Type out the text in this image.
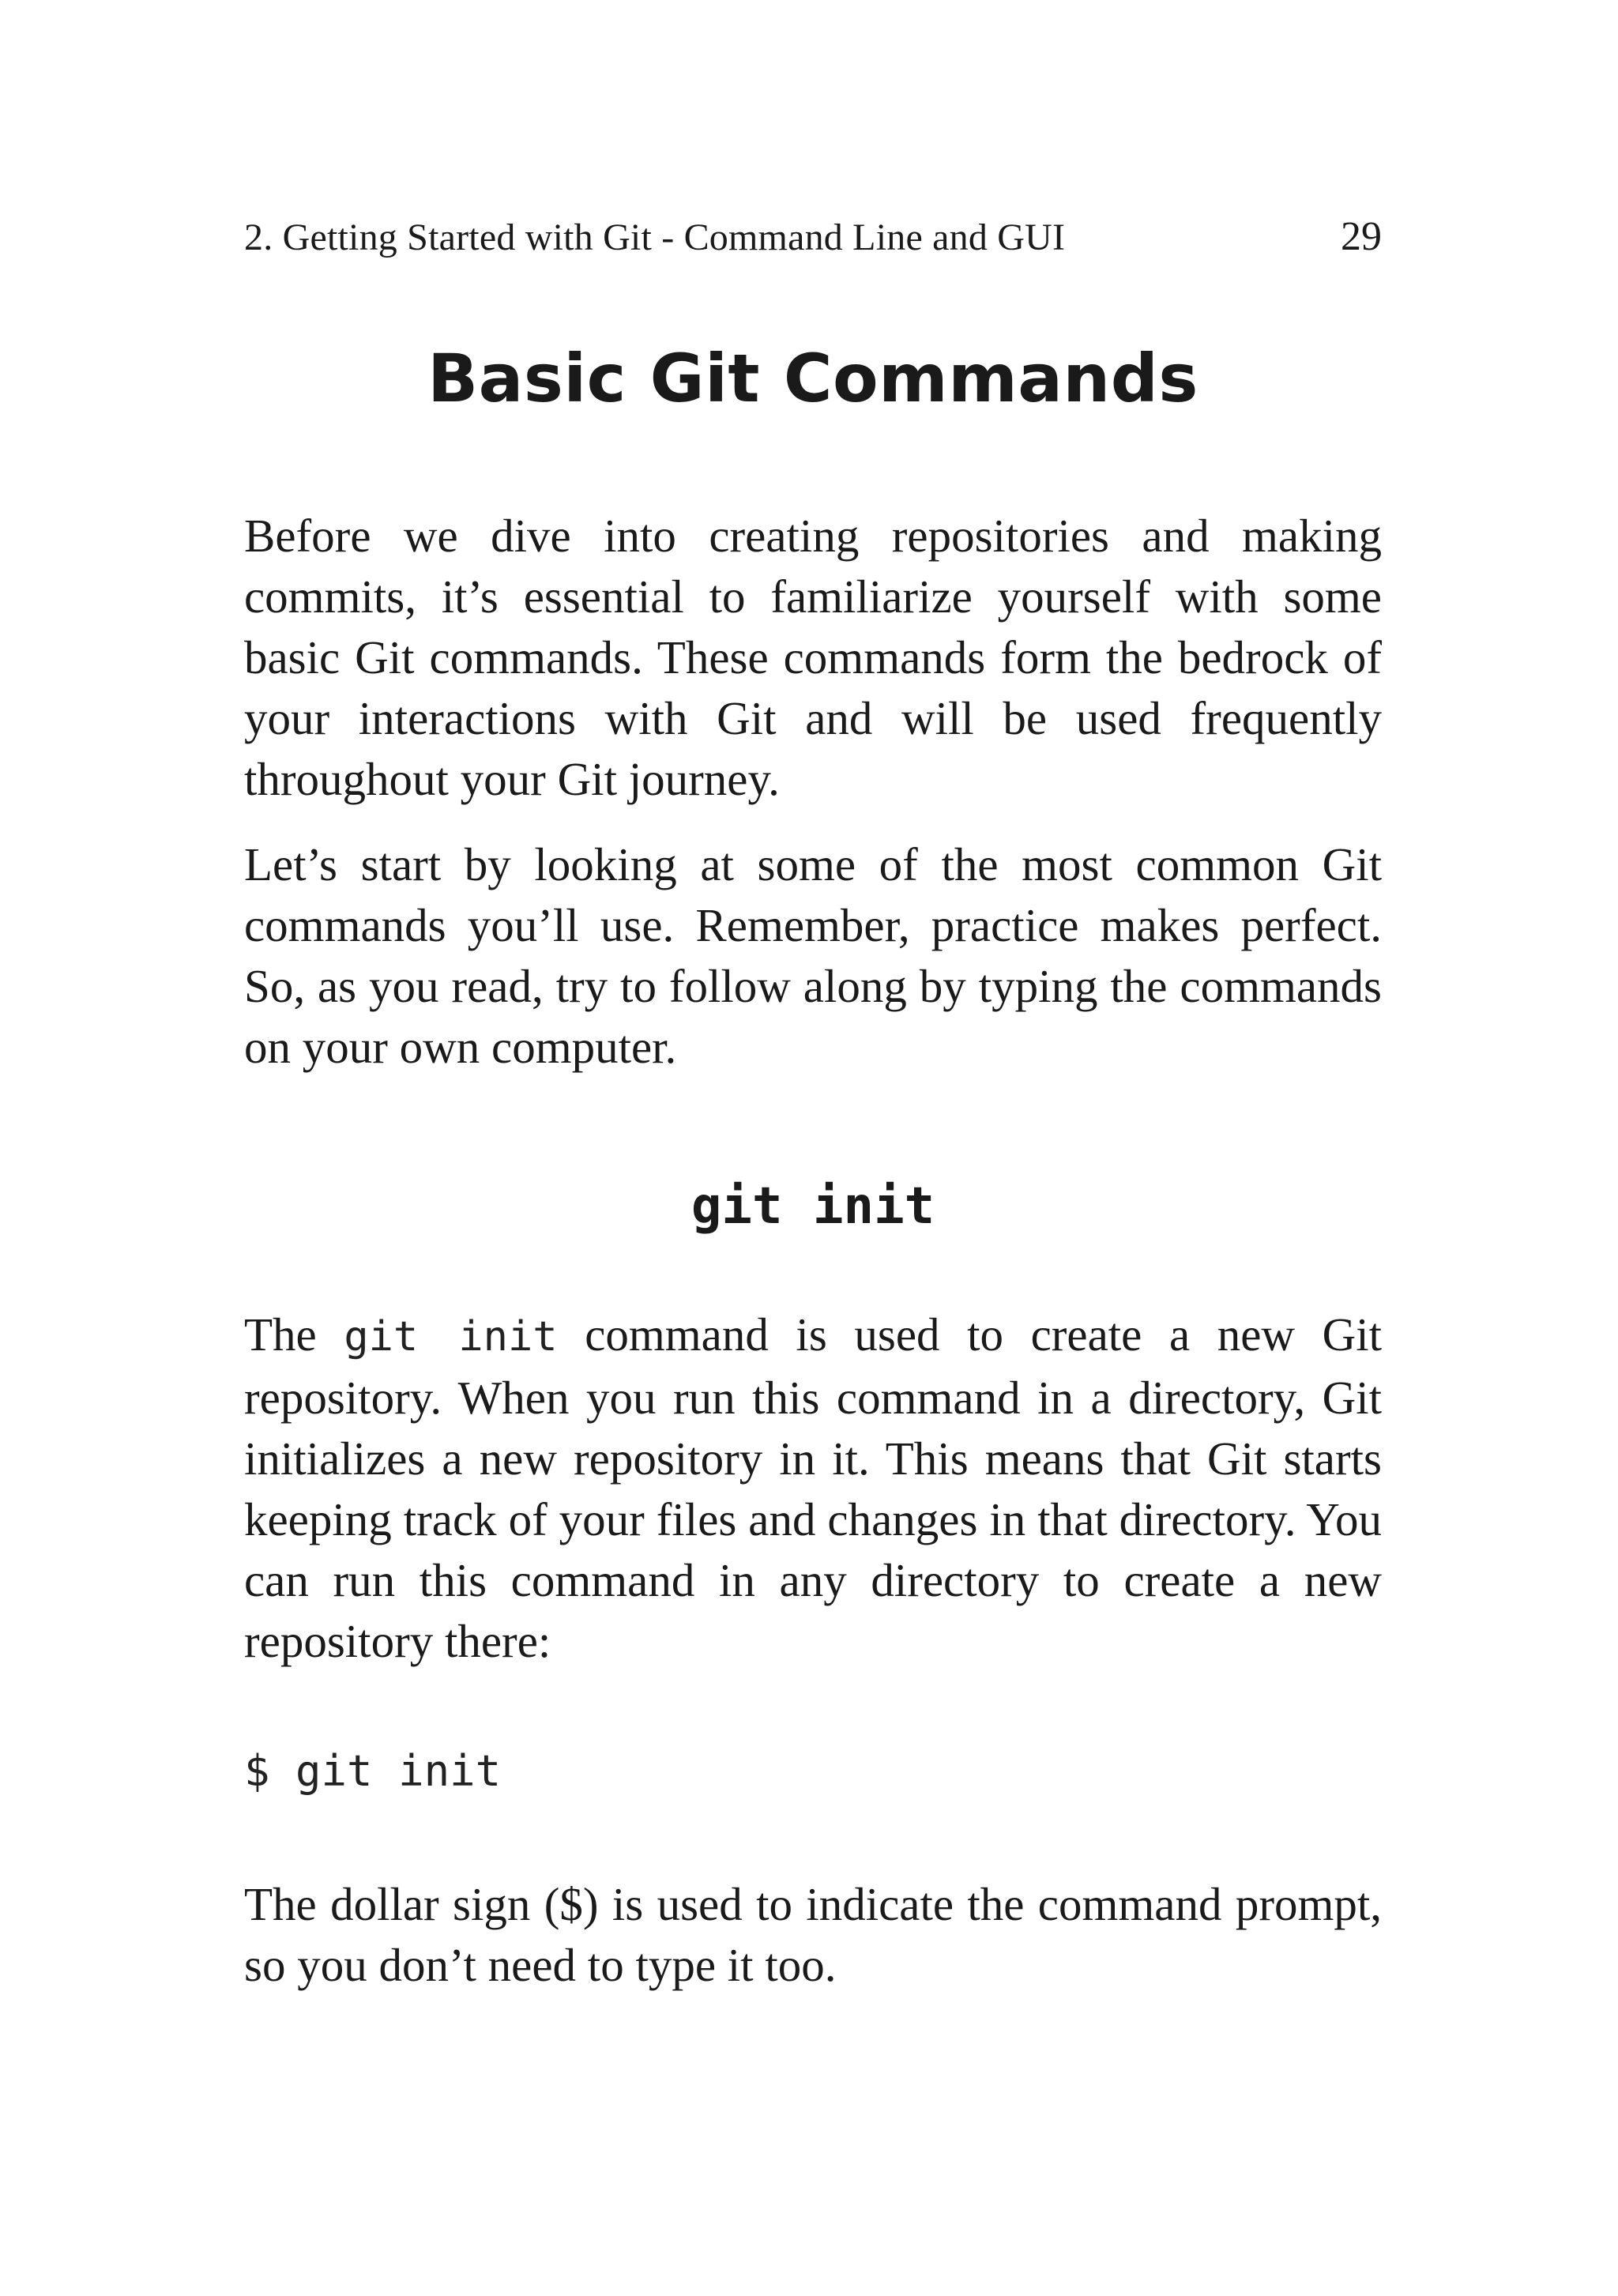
2. Getting Started with Git - Command Line and GUI	29
Basic Git Commands

Before we dive into creating repositories and making commits, it’s essential to familiarize yourself with some basic Git commands. These commands form the bedrock of your interactions with Git and will be used frequently throughout your Git journey.

Let’s start by looking at some of the most common Git commands you’ll use. Remember, practice makes perfect. So, as you read, try to follow along by typing the commands on your own computer.

git init

The git init command is used to create a new Git repository. When you run this command in a directory, Git initializes a new repository in it. This means that Git starts keeping track of your files and changes in that directory. You can run this command in any directory to create a new repository there:

$ git init

The dollar sign ($) is used to indicate the command prompt, so you don’t need to type it too.
